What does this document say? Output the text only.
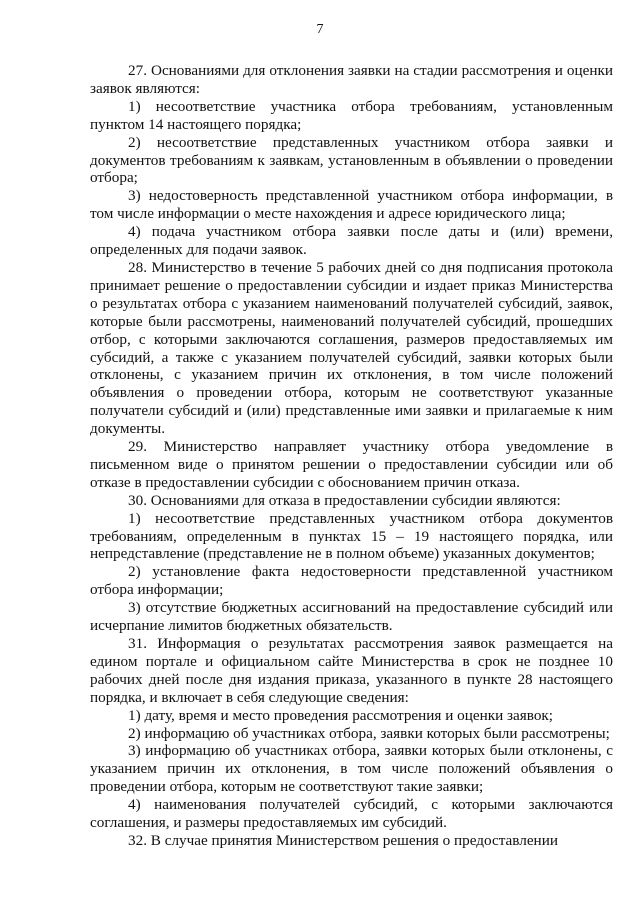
7

27. Основаниями для отклонения заявки на стадии рассмотрения и оценки заявок являются:

1) несоответствие участника отбора требованиям, установленным пунктом 14 настоящего порядка;

2) несоответствие представленных участником отбора заявки и документов требованиям к заявкам, установленным в объявлении о проведении отбора;

3) недостоверность представленной участником отбора информации, в том числе информации о месте нахождения и адресе юридического лица;

4) подача участником отбора заявки после даты и (или) времени, определенных для подачи заявок.

28. Министерство в течение 5 рабочих дней со дня подписания протокола принимает решение о предоставлении субсидии и издает приказ Министерства о результатах отбора с указанием наименований получателей субсидий, заявок, которые были рассмотрены, наименований получателей субсидий, прошедших отбор, с которыми заключаются соглашения, размеров предоставляемых им субсидий, а также с указанием получателей субсидий, заявки которых были отклонены, с указанием причин их отклонения, в том числе положений объявления о проведении отбора, которым не соответствуют указанные получатели субсидий и (или) представленные ими заявки и прилагаемые к ним документы.

29. Министерство направляет участнику отбора уведомление в письменном виде о принятом решении о предоставлении субсидии или об отказе в предоставлении субсидии с обоснованием причин отказа.

30. Основаниями для отказа в предоставлении субсидии являются:

1) несоответствие представленных участником отбора документов требованиям, определенным в пунктах 15 – 19 настоящего порядка, или непредставление (представление не в полном объеме) указанных документов;

2) установление факта недостоверности представленной участником отбора информации;

3) отсутствие бюджетных ассигнований на предоставление субсидий или исчерпание лимитов бюджетных обязательств.

31. Информация о результатах рассмотрения заявок размещается на едином портале и официальном сайте Министерства в срок не позднее 10 рабочих дней после дня издания приказа, указанного в пункте 28 настоящего порядка, и включает в себя следующие сведения:

1) дату, время и место проведения рассмотрения и оценки заявок;

2) информацию об участниках отбора, заявки которых были рассмотрены;

3) информацию об участниках отбора, заявки которых были отклонены, с указанием причин их отклонения, в том числе положений объявления о проведении отбора, которым не соответствуют такие заявки;

4) наименования получателей субсидий, с которыми заключаются соглашения, и размеры предоставляемых им субсидий.

32. В случае принятия Министерством решения о предоставлении
